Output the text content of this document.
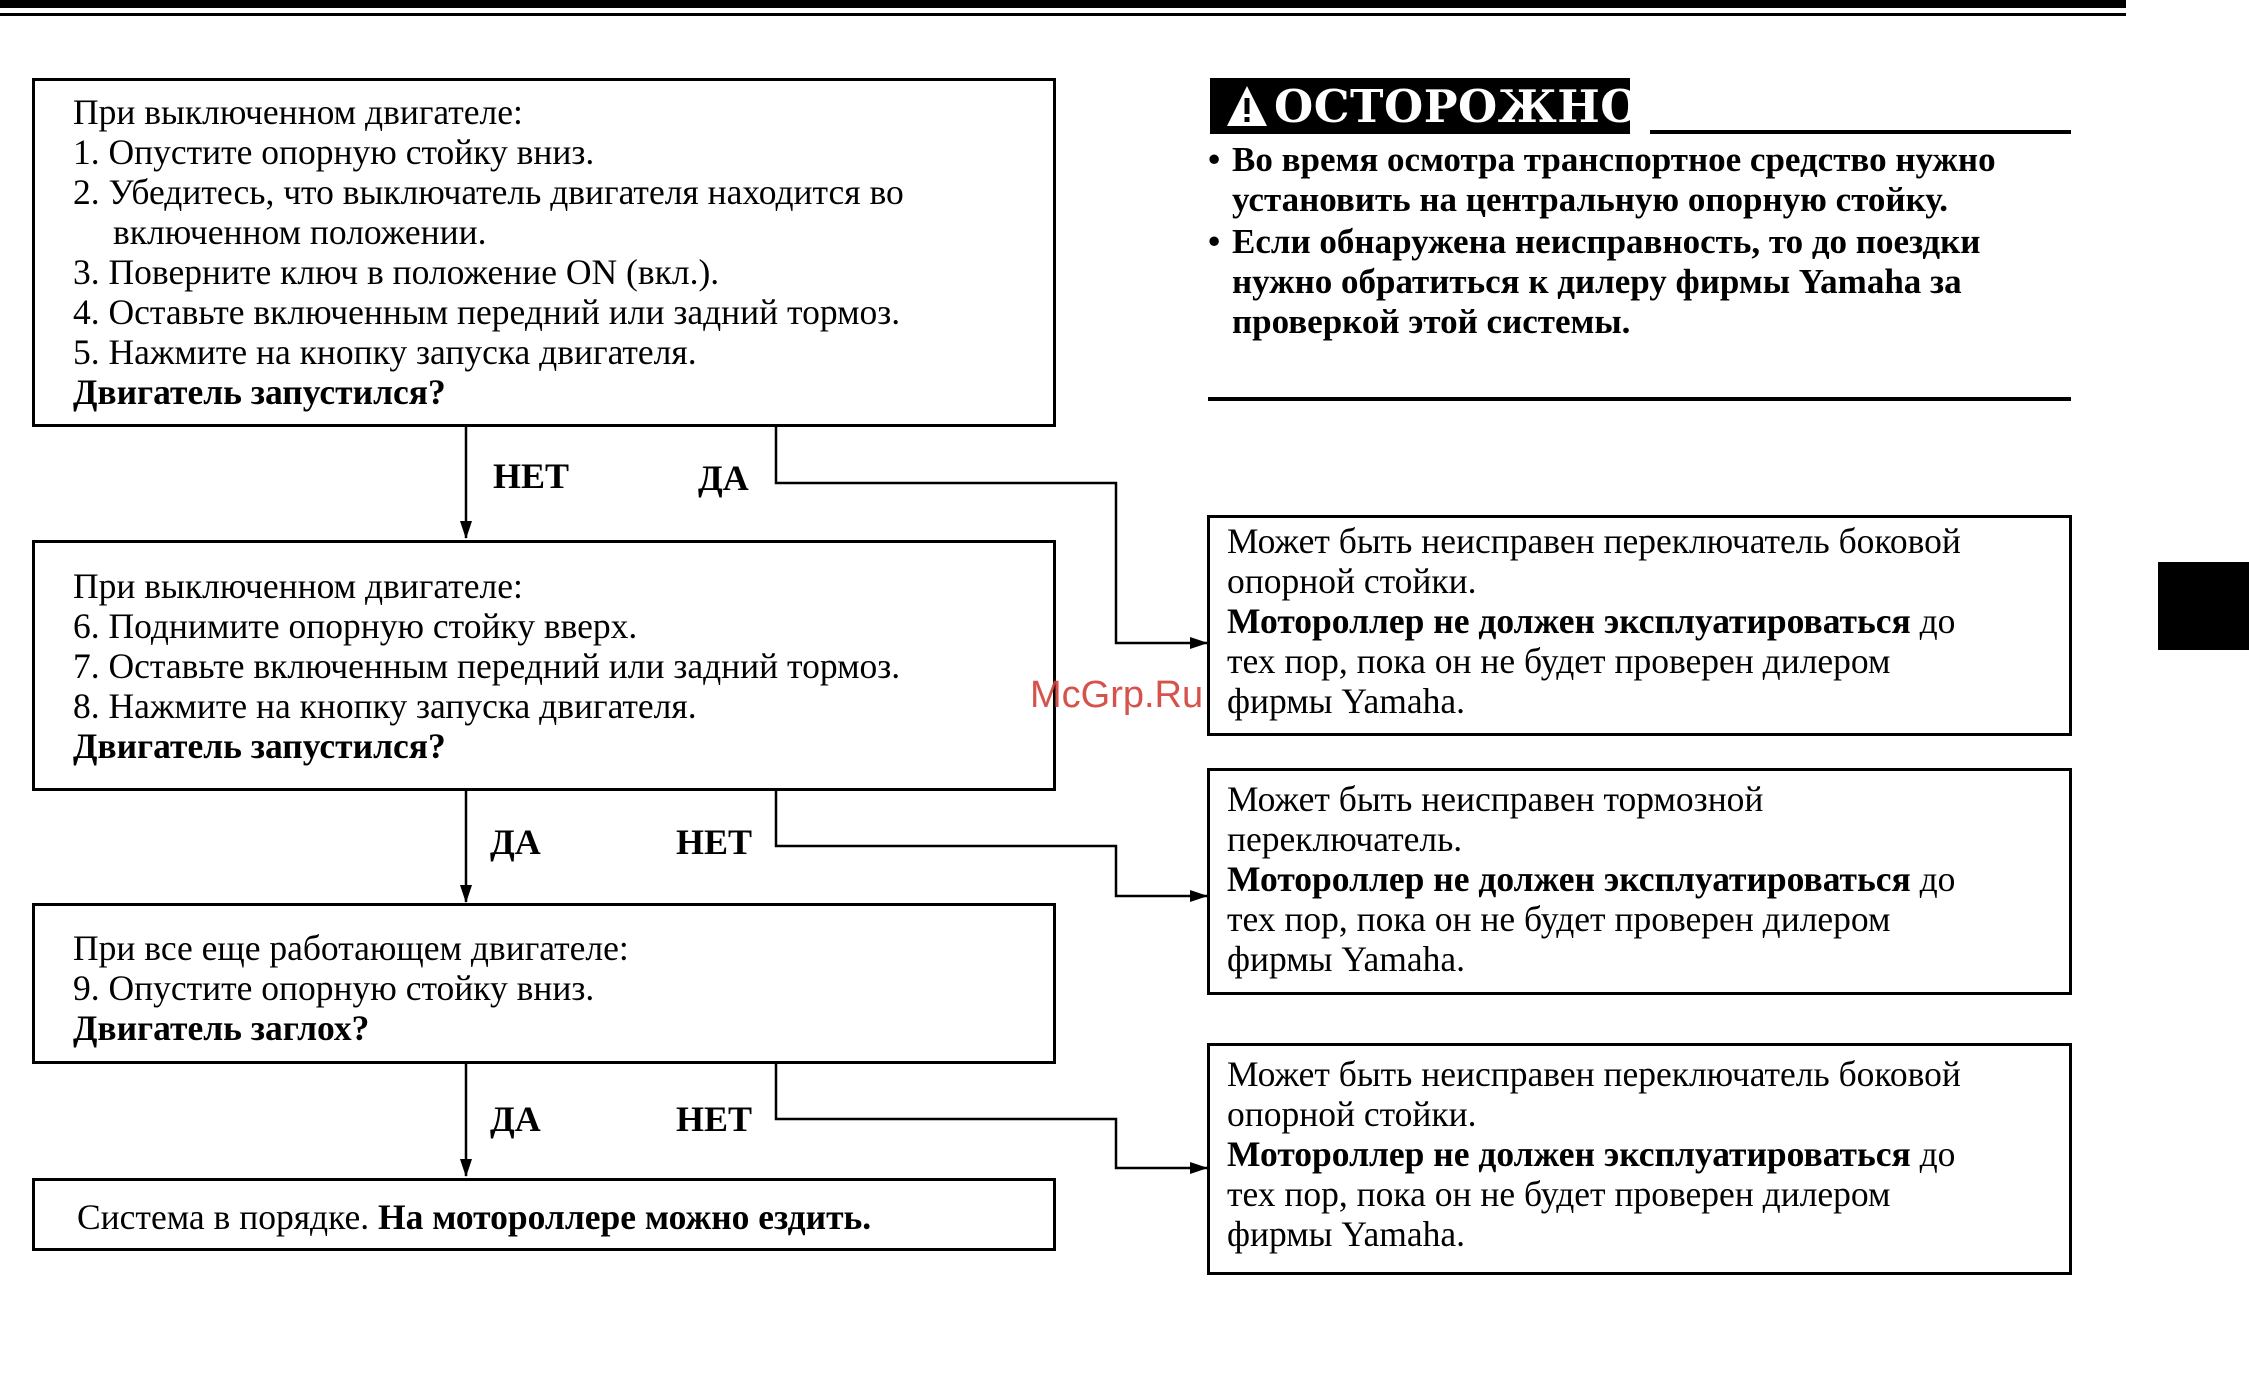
При выключенном двигателе:
1. Опустите опорную стойку вниз.
2. Убедитесь, что выключатель двигателя находится во
включенном положении.
3. Поверните ключ в положение ON (вкл.).
4. Оставьте включенным передний или задний тормоз.
5. Нажмите на кнопку запуска двигателя.
Двигатель запустился?
НЕТ	ДА
При выключенном двигателе:
6. Поднимите опорную стойку вверх.
7. Оставьте включенным передний или задний тормоз.
8. Нажмите на кнопку запуска двигателя.
Двигатель запустился?
ДА	НЕТ
При все еще работающем двигателе:
9. Опустите опорную стойку вниз.
Двигатель заглох?
ДА	НЕТ
Система в порядке. На мотороллере можно ездить.
ОСТОРОЖНО

• Во время осмотра транспортное средство нужно установить на центральную опорную стойку.

• Если обнаружена неисправность, то до поездки нужно обратиться к дилеру фирмы Yamaha за проверкой этой системы.

Может быть неисправен переключатель боковой
опорной стойки.
Мотороллер не должен эксплуатироваться до
тех пор, пока он не будет проверен дилером
фирмы Yamaha.
Может быть неисправен тормозной
переключатель.
Мотороллер не должен эксплуатироваться до
тех пор, пока он не будет проверен дилером
фирмы Yamaha.
Может быть неисправен переключатель боковой
опорной стойки.
Мотороллер не должен эксплуатироваться до
тех пор, пока он не будет проверен дилером
фирмы Yamaha.
McGrp.Ru
